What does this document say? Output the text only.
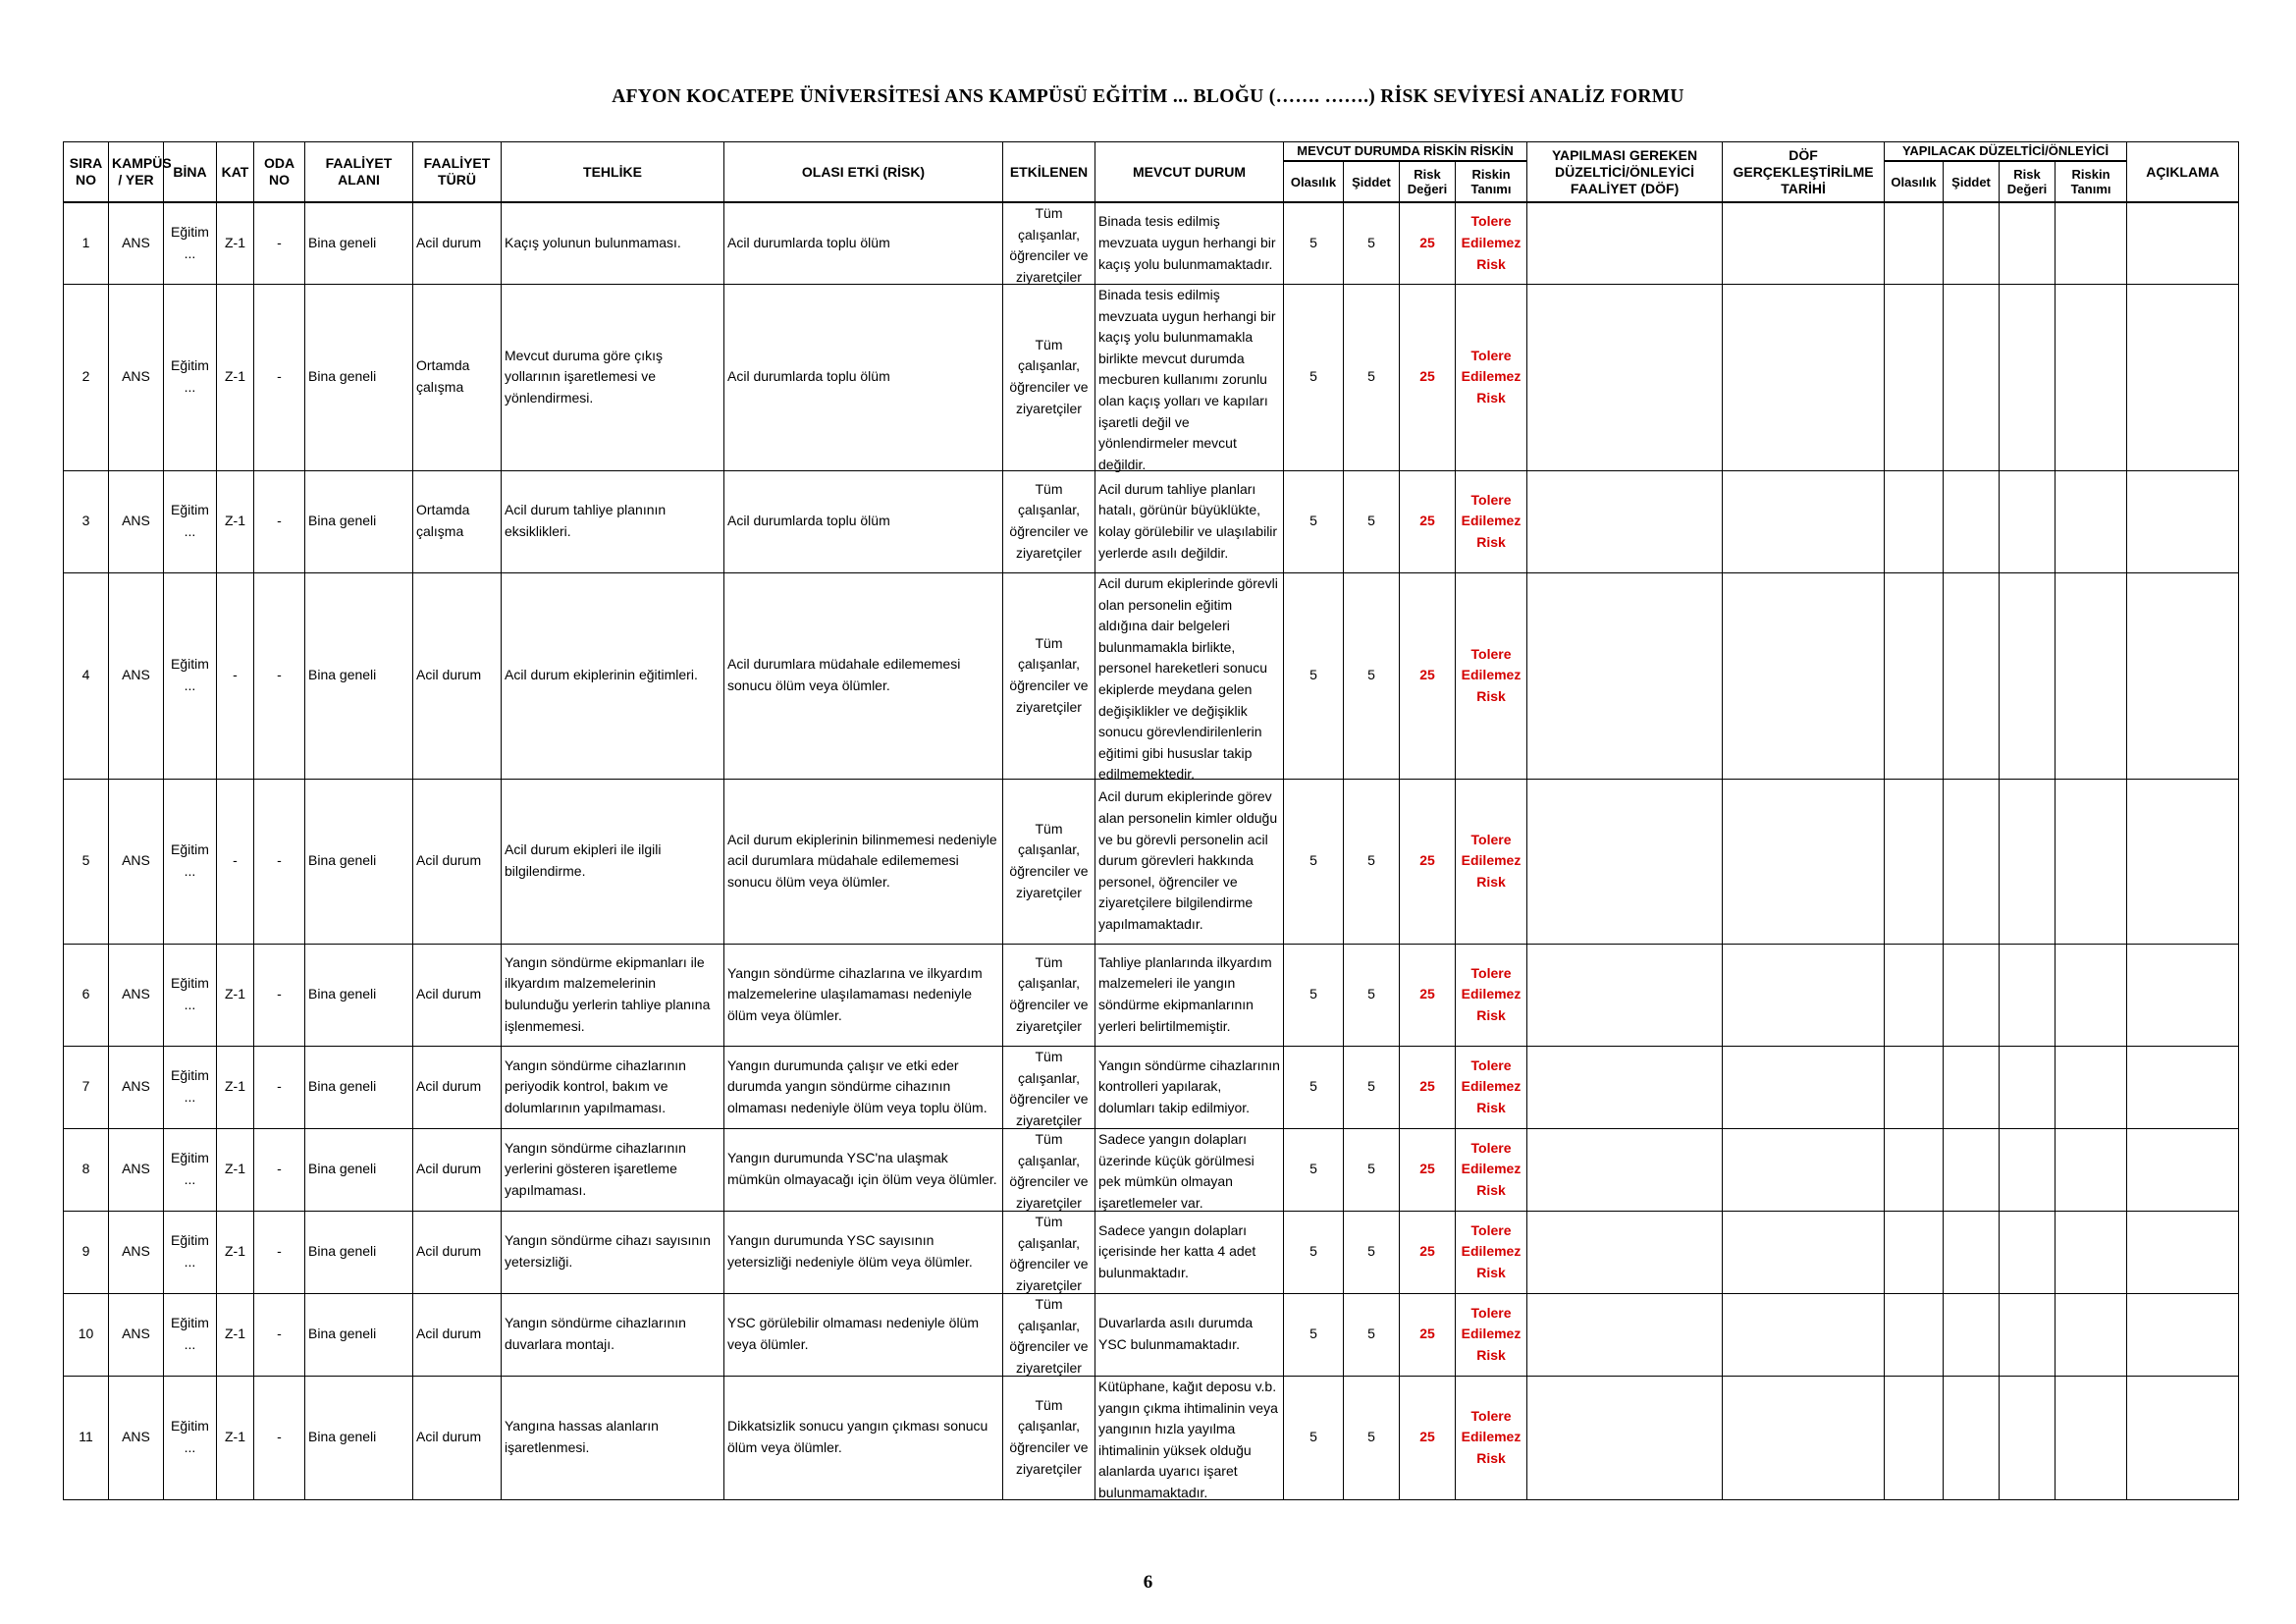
AFYON KOCATEPE ÜNİVERSİTESİ ANS KAMPÜSÜ EĞİTİM ... BLOĞU (……. …….) RİSK SEVİYESİ ANALİZ FORMU
SIRA NO	KAMPÜS / YER	BİNA	KAT	ODA NO	FAALİYET ALANI	FAALİYET TÜRÜ	TEHLİKE	OLASI ETKİ (RİSK)	ETKİLENEN	MEVCUT DURUM	MEVCUT DURUMDA RİSKİN RİSKİN				YAPILMASI GEREKEN DÜZELTİCİ/ÖNLEYİCİ FAALİYET (DÖF)	DÖF GERÇEKLEŞTİRİLME TARİHİ	YAPILACAK DÜZELTİCİ/ÖNLEYİCİ				AÇIKLAMA
											Olasılık	Şiddet	Risk Değeri	Riskin Tanımı			Olasılık	Şiddet	Risk Değeri	Riskin Tanımı	

1	ANS	Eğitim ...	Z-1	-	Bina geneli	Acil durum	Kaçış yolunun bulunmaması.	Acil durumlarda toplu ölüm	Tüm çalışanlar, öğrenciler ve ziyaretçiler	Binada tesis edilmiş mevzuata uygun herhangi bir kaçış yolu bulunmamaktadır.	5	5	25	Tolere Edilemez Risk							

2	ANS	Eğitim ...	Z-1	-	Bina geneli	Ortamda çalışma	Mevcut duruma göre çıkış yollarının işaretlemesi ve yönlendirmesi.	Acil durumlarda toplu ölüm	Tüm çalışanlar, öğrenciler ve ziyaretçiler	Binada tesis edilmiş mevzuata uygun herhangi bir kaçış yolu bulunmamakla birlikte mevcut durumda mecburen kullanımı zorunlu olan kaçış yolları ve kapıları işaretli değil ve yönlendirmeler mevcut değildir.	5	5	25	Tolere Edilemez Risk							

3	ANS	Eğitim ...	Z-1	-	Bina geneli	Ortamda çalışma	Acil durum tahliye planının eksiklikleri.	Acil durumlarda toplu ölüm	Tüm çalışanlar, öğrenciler ve ziyaretçiler	Acil durum tahliye planları hatalı, görünür büyüklükte, kolay görülebilir ve ulaşılabilir yerlerde asılı değildir.	5	5	25	Tolere Edilemez Risk							

4	ANS	Eğitim ...	-	-	Bina geneli	Acil durum	Acil durum ekiplerinin eğitimleri.	Acil durumlara müdahale edilememesi sonucu ölüm veya ölümler.	Tüm çalışanlar, öğrenciler ve ziyaretçiler	Acil durum ekiplerinde görevli olan personelin eğitim aldığına dair belgeleri bulunmamakla birlikte, personel hareketleri sonucu ekiplerde meydana gelen değişiklikler ve değişiklik sonucu görevlendirilenlerin eğitimi gibi hususlar takip edilmemektedir.	5	5	25	Tolere Edilemez Risk							

5	ANS	Eğitim ...	-	-	Bina geneli	Acil durum	Acil durum ekipleri ile ilgili bilgilendirme.	Acil durum ekiplerinin bilinmemesi nedeniyle acil durumlara müdahale edilememesi sonucu ölüm veya ölümler.	Tüm çalışanlar, öğrenciler ve ziyaretçiler	Acil durum ekiplerinde görev alan personelin kimler olduğu ve bu görevli personelin acil durum görevleri hakkında personel, öğrenciler ve ziyaretçilere bilgilendirme yapılmamaktadır.	5	5	25	Tolere Edilemez Risk							

6	ANS	Eğitim ...	Z-1	-	Bina geneli	Acil durum	Yangın söndürme ekipmanları ile ilkyardım malzemelerinin bulunduğu yerlerin tahliye planına işlenmemesi.	Yangın söndürme cihazlarına ve ilkyardım malzemelerine ulaşılamaması nedeniyle ölüm veya ölümler.	Tüm çalışanlar, öğrenciler ve ziyaretçiler	Tahliye planlarında ilkyardım malzemeleri ile yangın söndürme ekipmanlarının yerleri belirtilmemiştir.	5	5	25	Tolere Edilemez Risk							

7	ANS	Eğitim ...	Z-1	-	Bina geneli	Acil durum	Yangın söndürme cihazlarının periyodik kontrol, bakım ve dolumlarının yapılmaması.	Yangın durumunda çalışır ve etki eder durumda yangın söndürme cihazının olmaması nedeniyle ölüm veya toplu ölüm.	Tüm çalışanlar, öğrenciler ve ziyaretçiler	Yangın söndürme cihazlarının kontrolleri yapılarak, dolumları takip edilmiyor.	5	5	25	Tolere Edilemez Risk							

8	ANS	Eğitim ...	Z-1	-	Bina geneli	Acil durum	Yangın söndürme cihazlarının yerlerini gösteren işaretleme yapılmaması.	Yangın durumunda YSC'na ulaşmak mümkün olmayacağı için ölüm veya ölümler.	Tüm çalışanlar, öğrenciler ve ziyaretçiler	Sadece yangın dolapları üzerinde küçük görülmesi pek mümkün olmayan işaretlemeler var.	5	5	25	Tolere Edilemez Risk							

9	ANS	Eğitim ...	Z-1	-	Bina geneli	Acil durum	Yangın söndürme cihazı sayısının yetersizliği.	Yangın durumunda YSC sayısının yetersizliği nedeniyle ölüm veya ölümler.	Tüm çalışanlar, öğrenciler ve ziyaretçiler	Sadece yangın dolapları içerisinde her katta 4 adet bulunmaktadır.	5	5	25	Tolere Edilemez Risk							

10	ANS	Eğitim ...	Z-1	-	Bina geneli	Acil durum	Yangın söndürme cihazlarının duvarlara montajı.	YSC görülebilir olmaması nedeniyle ölüm veya ölümler.	Tüm çalışanlar, öğrenciler ve ziyaretçiler	Duvarlarda asılı durumda YSC bulunmamaktadır.	5	5	25	Tolere Edilemez Risk							

11	ANS	Eğitim ...	Z-1	-	Bina geneli	Acil durum	Yangına hassas alanların işaretlenmesi.	Dikkatsizlik sonucu yangın çıkması sonucu ölüm veya ölümler.	Tüm çalışanlar, öğrenciler ve ziyaretçiler	Kütüphane, kağıt deposu v.b. yangın çıkma ihtimalinin veya yangının hızla yayılma ihtimalinin yüksek olduğu alanlarda uyarıcı işaret bulunmamaktadır.	5	5	25	Tolere Edilemez Risk							

6
